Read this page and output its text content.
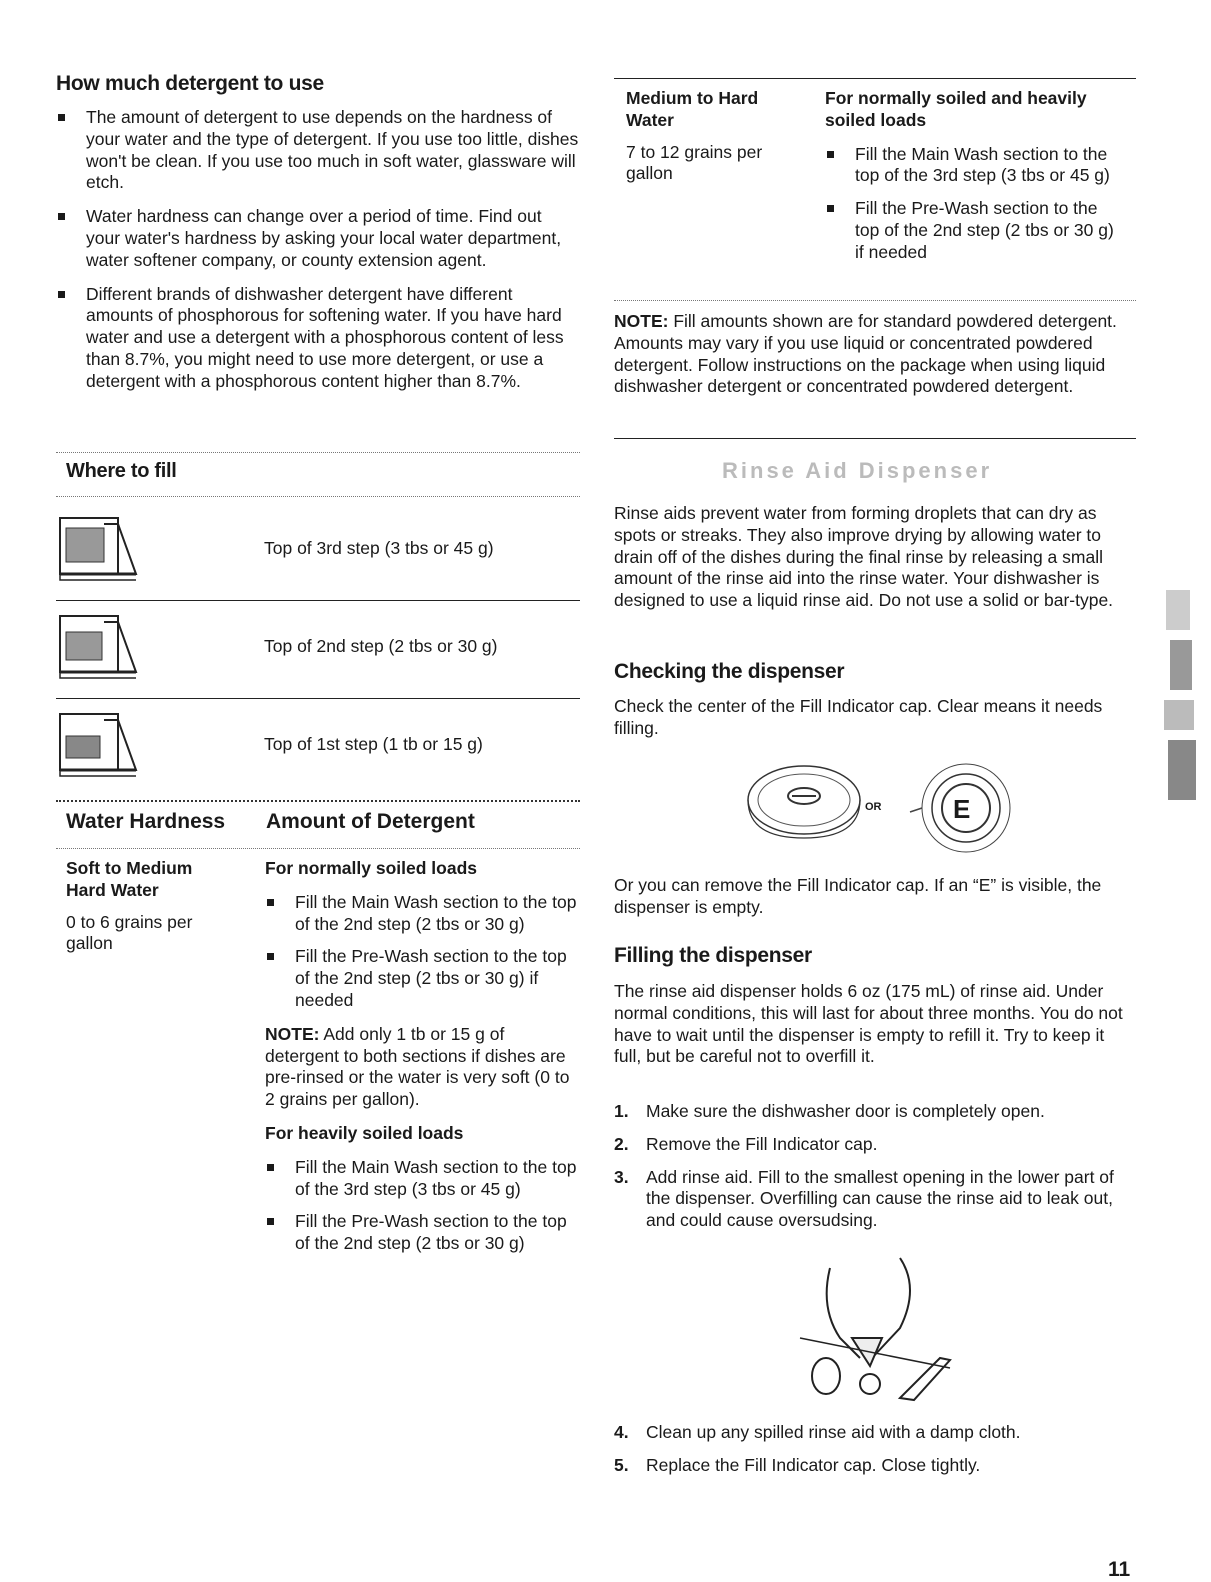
How much detergent to use
The amount of detergent to use depends on the hardness of your water and the type of detergent. If you use too little, dishes won't be clean. If you use too much in soft water, glassware will etch.
Water hardness can change over a period of time. Find out your water's hardness by asking your local water department, water softener company, or county extension agent.
Different brands of dishwasher detergent have different amounts of phosphorous for softening water. If you have hard water and use a detergent with a phosphorous content of less than 8.7%, you might need to use more detergent, or use a detergent with a phosphorous content higher than 8.7%.
Where to fill

Top of 3rd step (3 tbs or 45 g)

Top of 2nd step (2 tbs or 30 g)

Top of 1st step (1 tb or 15 g)

Water Hardness Amount of Detergent
Soft to Medium Hard Water

0 to 6 grains per gallon

For normally soiled loads
Fill the Main Wash section to the top of the 2nd step (2 tbs or 30 g)
Fill the Pre-Wash section to the top of the 2nd step (2 tbs or 30 g) if needed

NOTE: Add only 1 tb or 15 g of detergent to both sections if dishes are pre-rinsed or the water is very soft (0 to 2 grains per gallon).

For heavily soiled loads
Fill the Main Wash section to the top of the 3rd step (3 tbs or 45 g)
Fill the Pre-Wash section to the top of the 2nd step (2 tbs or 30 g)
Medium to Hard Water

7 to 12 grains per gallon

For normally soiled and heavily soiled loads
Fill the Main Wash section to the top of the 3rd step (3 tbs or 45 g)
Fill the Pre-Wash section to the top of the 2nd step (2 tbs or 30 g) if needed

NOTE: Fill amounts shown are for standard powdered detergent. Amounts may vary if you use liquid or concentrated powdered detergent. Follow instructions on the package when using liquid dishwasher detergent or concentrated powdered detergent.

Rinse Aid Dispenser

Rinse aids prevent water from forming droplets that can dry as spots or streaks. They also improve drying by allowing water to drain off of the dishes during the final rinse by releasing a small amount of the rinse aid into the rinse water. Your dishwasher is designed to use a liquid rinse aid. Do not use a solid or bar-type.

Checking the dispenser

Check the center of the Fill Indicator cap. Clear means it needs filling.

OR	E

Or you can remove the Fill Indicator cap. If an “E” is visible, the dispenser is empty.

Filling the dispenser

The rinse aid dispenser holds 6 oz (175 mL) of rinse aid. Under normal conditions, this will last for about three months. You do not have to wait until the dispenser is empty to refill it. Try to keep it full, but be careful not to overfill it.

1. Make sure the dishwasher door is completely open.
2. Remove the Fill Indicator cap.
3. Add rinse aid. Fill to the smallest opening in the lower part of the dispenser. Overfilling can cause the rinse aid to leak out, and could cause oversudsing.
4. Clean up any spilled rinse aid with a damp cloth.
5. Replace the Fill Indicator cap. Close tightly.
11
